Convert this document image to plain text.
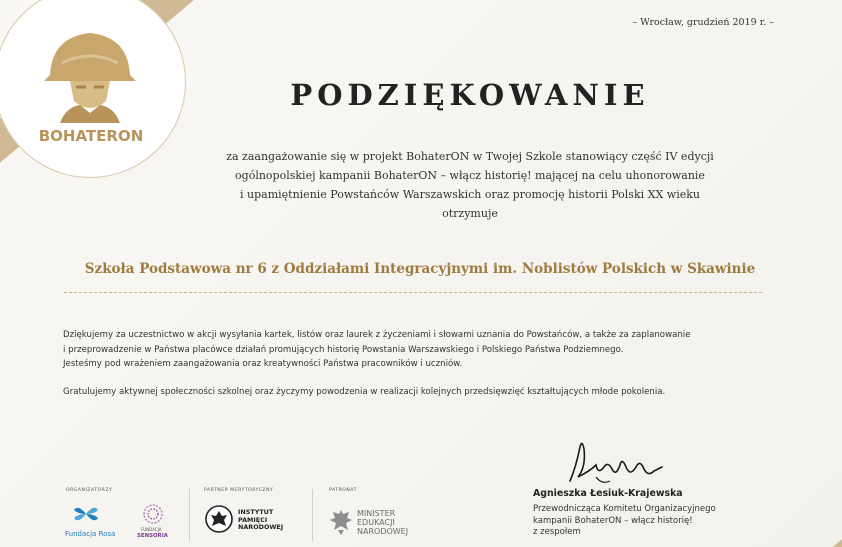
BOHATERON
– Wrocław, grudzień 2019 r. –
PODZIĘKOWANIE
za zaangażowanie się w projekt BohaterON w Twojej Szkole stanowiący część IV edycji
ogólnopolskiej kampanii BohaterON – włącz historię! mającej na celu uhonorowanie
i upamiętnienie Powstańców Warszawskich oraz promocję historii Polski XX wieku
otrzymuje
Szkoła Podstawowa nr 6 z Oddziałami Integracyjnymi im. Noblistów Polskich w Skawinie
Dziękujemy za uczestnictwo w akcji wysyłania kartek, listów oraz laurek z życzeniami i słowami uznania do Powstańców, a także za zaplanowanie
i przeprowadzenie w Państwa placówce działań promujących historię Powstania Warszawskiego i Polskiego Państwa Podziemnego.
Jesteśmy pod wrażeniem zaangażowania oraz kreatywności Państwa pracowników i uczniów.
Gratulujemy aktywnej społeczności szkolnej oraz życzymy powodzenia w realizacji kolejnych przedsięwzięć kształtujących młode pokolenia.
ORGANIZATORZY
Fundacja Rosa
FUNDACJA
SENSORIA
PARTNER MERYTORYCZNY
INSTYTUT
PAMIĘCI
NARODOWEJ
PATRONAT
MINISTER
EDUKACJI
NARODOWEJ
Agnieszka Łesiuk-Krajewska
Przewodnicząca Komitetu Organizacyjnego
kampanii BohaterON – włącz historię!
z zespołem
